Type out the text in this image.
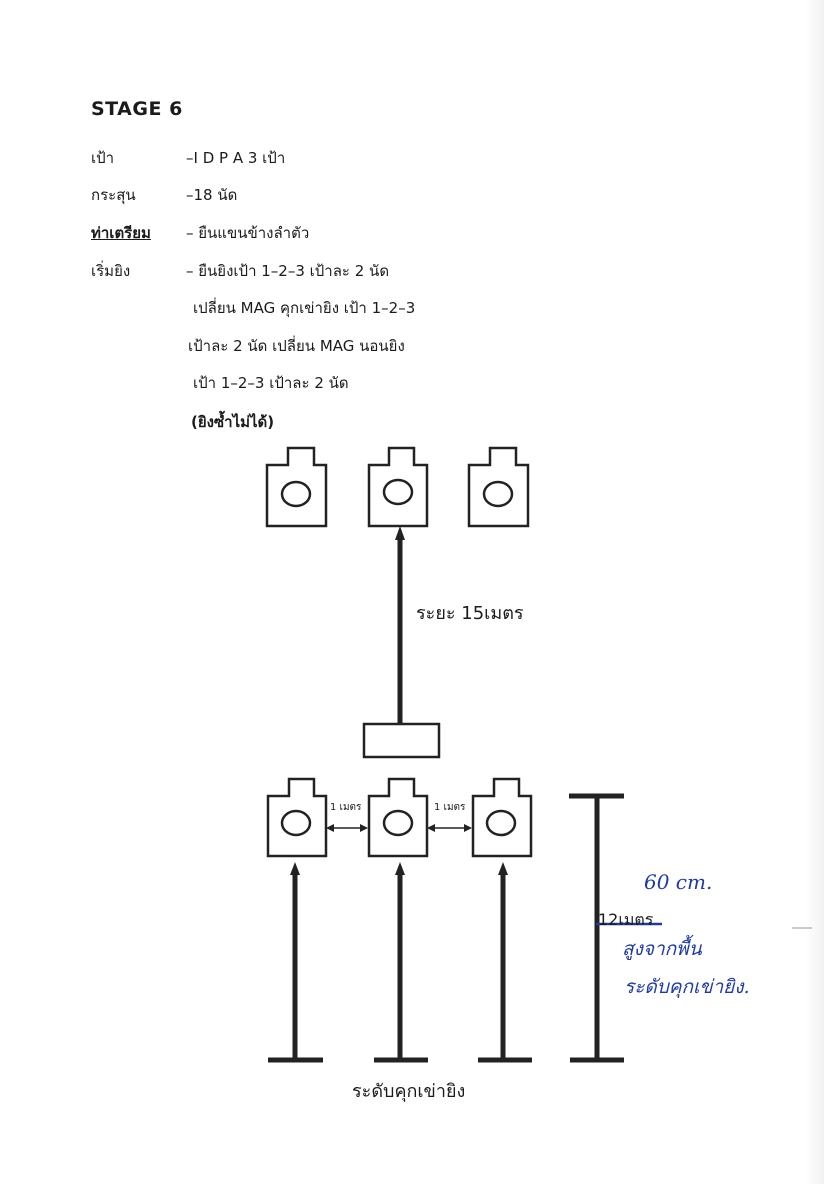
STAGE 6
เป้า	–I D P A 3 เป้า
กระสุน	–18 นัด
ท่าเตรียม – ยืนแขนข้างลำตัว
เริ่มยิง	– ยืนยิงเป้า 1–2–3 เป้าละ 2 นัด
เปลี่ยน MAG คุกเข่ายิง เป้า 1–2–3
เป้าละ 2 นัด เปลี่ยน MAG นอนยิง
เป้า 1–2–3 เป้าละ 2 นัด
(ยิงซ้ำไม่ได้)
ระยะ 15เมตร
1 เมตร	1 เมตร
12เมตร
ระดับคุกเข่ายิง
60 cm.
สูงจากพื้น
ระดับคุกเข่ายิง.
